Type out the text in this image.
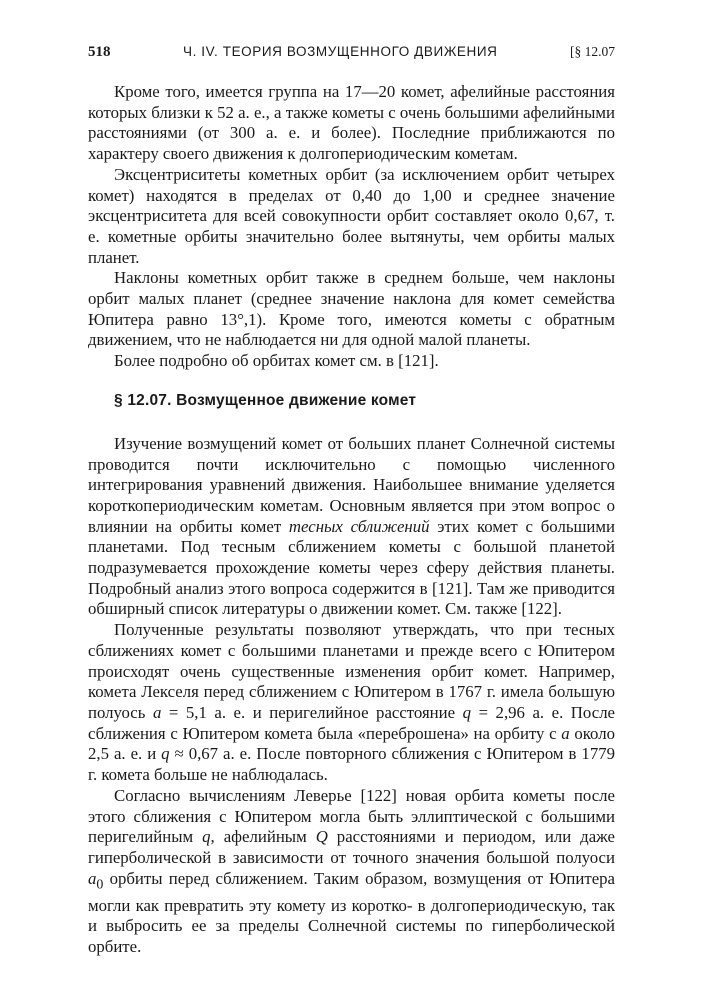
518	Ч. IV. ТЕОРИЯ ВОЗМУЩЕННОГО ДВИЖЕНИЯ	[§ 12.07

Кроме того, имеется группа на 17—20 комет, афелийные расстояния которых близки к 52 а. е., а также кометы с очень большими афелийными расстояниями (от 300 а. е. и более). Последние приближаются по характеру своего движения к долгопериодическим кометам.

Эксцентриситеты кометных орбит (за исключением орбит четырех комет) находятся в пределах от 0,40 до 1,00 и среднее значение эксцентриситета для всей совокупности орбит составляет около 0,67, т. е. кометные орбиты значительно более вытянуты, чем орбиты малых планет.

Наклоны кометных орбит также в среднем больше, чем наклоны орбит малых планет (среднее значение наклона для комет семейства Юпитера равно 13°,1). Кроме того, имеются кометы с обратным движением, что не наблюдается ни для одной малой планеты.

Более подробно об орбитах комет см. в [121].

§ 12.07. Возмущенное движение комет

Изучение возмущений комет от больших планет Солнечной системы проводится почти исключительно с помощью численного интегрирования уравнений движения. Наибольшее внимание уделяется короткопериодическим кометам. Основным является при этом вопрос о влиянии на орбиты комет тесных сближений этих комет с большими планетами. Под тесным сближением кометы с большой планетой подразумевается прохождение кометы через сферу действия планеты. Подробный анализ этого вопроса содержится в [121]. Там же приводится обширный список литературы о движении комет. См. также [122].

Полученные результаты позволяют утверждать, что при тесных сближениях комет с большими планетами и прежде всего с Юпитером происходят очень существенные изменения орбит комет. Например, комета Лекселя перед сближением с Юпитером в 1767 г. имела большую полуось a = 5,1 а. е. и перигелийное расстояние q = 2,96 а. е. После сближения с Юпитером комета была «переброшена» на орбиту с a около 2,5 а. е. и q ≈ 0,67 а. е. После повторного сближения с Юпитером в 1779 г. комета больше не наблюдалась.

Согласно вычислениям Леверье [122] новая орбита кометы после этого сближения с Юпитером могла быть эллиптической с большими перигелийным q, афелийным Q расстояниями и периодом, или даже гиперболической в зависимости от точного значения большой полуоси $a_0$ орбиты перед сближением. Таким образом, возмущения от Юпитера могли как превратить эту комету из коротко- в долгопериодическую, так и выбросить ее за пределы Солнечной системы по гиперболической орбите.
